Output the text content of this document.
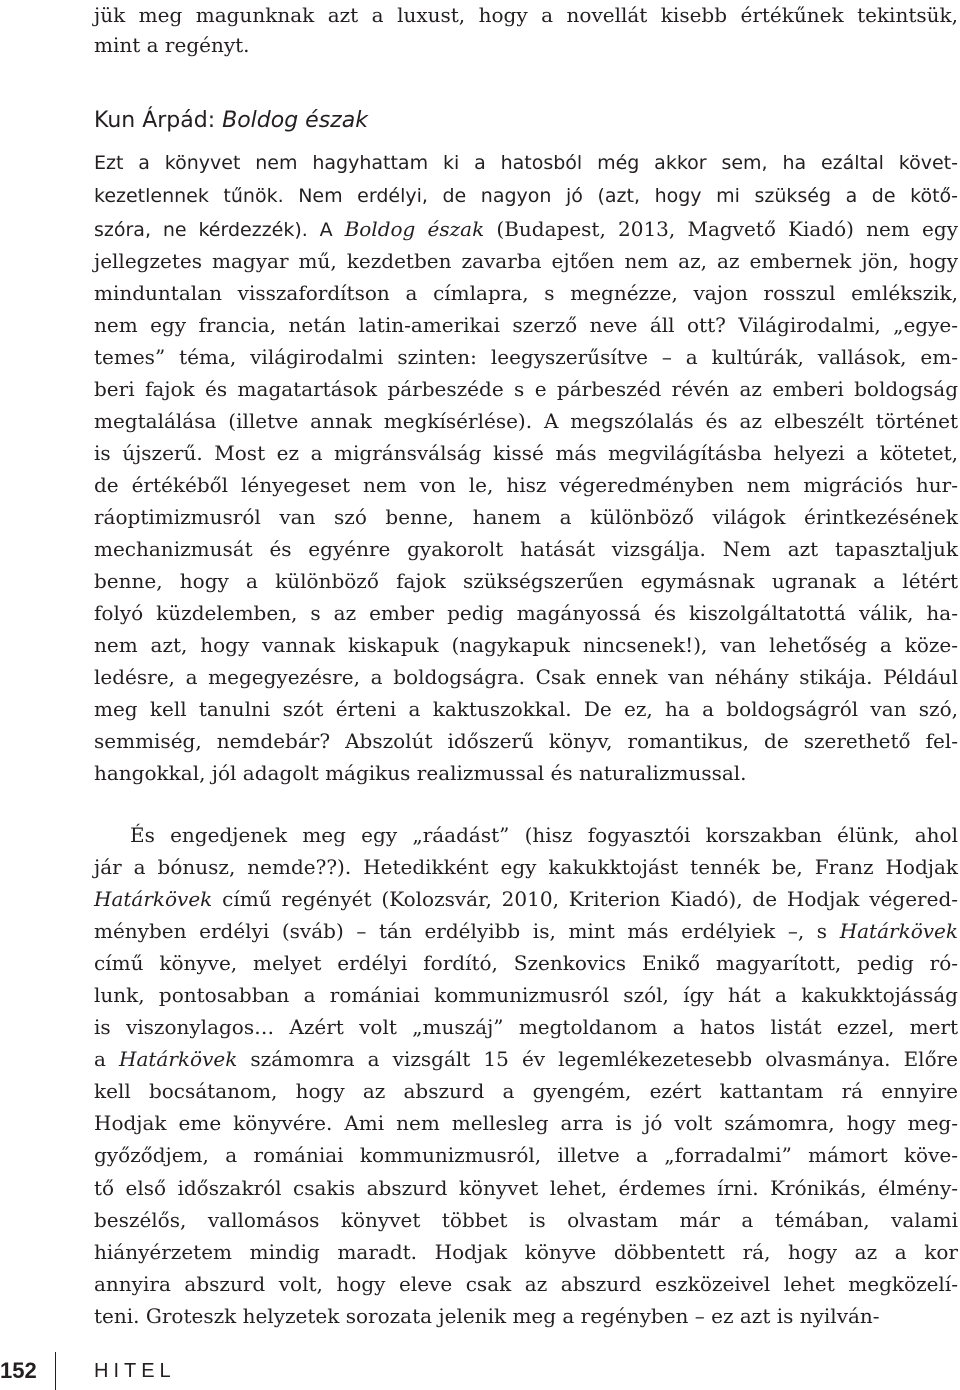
jük meg magunknak azt a luxust, hogy a novellát kisebb értékűnek tekintsük,

mint a regényt.

Kun Árpád: Boldog észak

Ezt a könyvet nem hagyhattam ki a hatosból még akkor sem, ha ezáltal követ-

kezetlennek tűnök. Nem erdélyi, de nagyon jó (azt, hogy mi szükség a de kötő-

szóra, ne kérdezzék). A Boldog észak (Budapest, 2013, Magvető Kiadó) nem egy

jellegzetes magyar mű, kezdetben zavarba ejtően nem az, az embernek jön, hogy

minduntalan visszafordítson a címlapra, s megnézze, vajon rosszul emlékszik,

nem egy francia, netán latin-amerikai szerző neve áll ott? Világirodalmi, „egye-

temes” téma, világirodalmi szinten: leegyszerűsítve – a kultúrák, vallások, em-

beri fajok és magatartások párbeszéde s e párbeszéd révén az emberi boldogság

megtalálása (illetve annak megkísérlése). A megszólalás és az elbeszélt történet

is újszerű. Most ez a migránsválság kissé más megvilágításba helyezi a kötetet,

de értékéből lényegeset nem von le, hisz végeredményben nem migrációs hur-

ráoptimizmusról van szó benne, hanem a különböző világok érintkezésének

mechanizmusát és egyénre gyakorolt hatását vizsgálja. Nem azt tapasztaljuk

benne, hogy a különböző fajok szükségszerűen egymásnak ugranak a létért

folyó küzdelemben, s az ember pedig magányossá és kiszolgáltatottá válik, ha-

nem azt, hogy vannak kiskapuk (nagykapuk nincsenek!), van lehetőség a köze-

ledésre, a megegyezésre, a boldogságra. Csak ennek van néhány stikája. Például

meg kell tanulni szót érteni a kaktuszokkal. De ez, ha a boldogságról van szó,

semmiség, nemdebár? Abszolút időszerű könyv, romantikus, de szerethető fel-

hangokkal, jól adagolt mágikus realizmussal és naturalizmussal.

És engedjenek meg egy „ráadást” (hisz fogyasztói korszakban élünk, ahol

jár a bónusz, nemde??). Hetedikként egy kakukktojást tennék be, Franz Hodjak

Határkövek című regényét (Kolozsvár, 2010, Kriterion Kiadó), de Hodjak végered-

ményben erdélyi (sváb) – tán erdélyibb is, mint más erdélyiek –, s Határkövek

című könyve, melyet erdélyi fordító, Szenkovics Enikő magyarított, pedig ró-

lunk, pontosabban a romániai kommunizmusról szól, így hát a kakukktojásság

is viszonylagos… Azért volt „muszáj” megtoldanom a hatos listát ezzel, mert

a Határkövek számomra a vizsgált 15 év legemlékezetesebb olvasmánya. Előre

kell bocsátanom, hogy az abszurd a gyengém, ezért kattantam rá ennyire

Hodjak eme könyvére. Ami nem mellesleg arra is jó volt számomra, hogy meg-

győződjem, a romániai kommunizmusról, illetve a „forradalmi” mámort köve-

tő első időszakról csakis abszurd könyvet lehet, érdemes írni. Krónikás, élmény-

beszélős, vallomásos könyvet többet is olvastam már a témában, valami

hiányérzetem mindig maradt. Hodjak könyve döbbentett rá, hogy az a kor

annyira abszurd volt, hogy eleve csak az abszurd eszközeivel lehet megközelí-

teni. Groteszk helyzetek sorozata jelenik meg a regényben – ez azt is nyilván-

152	HITEL
